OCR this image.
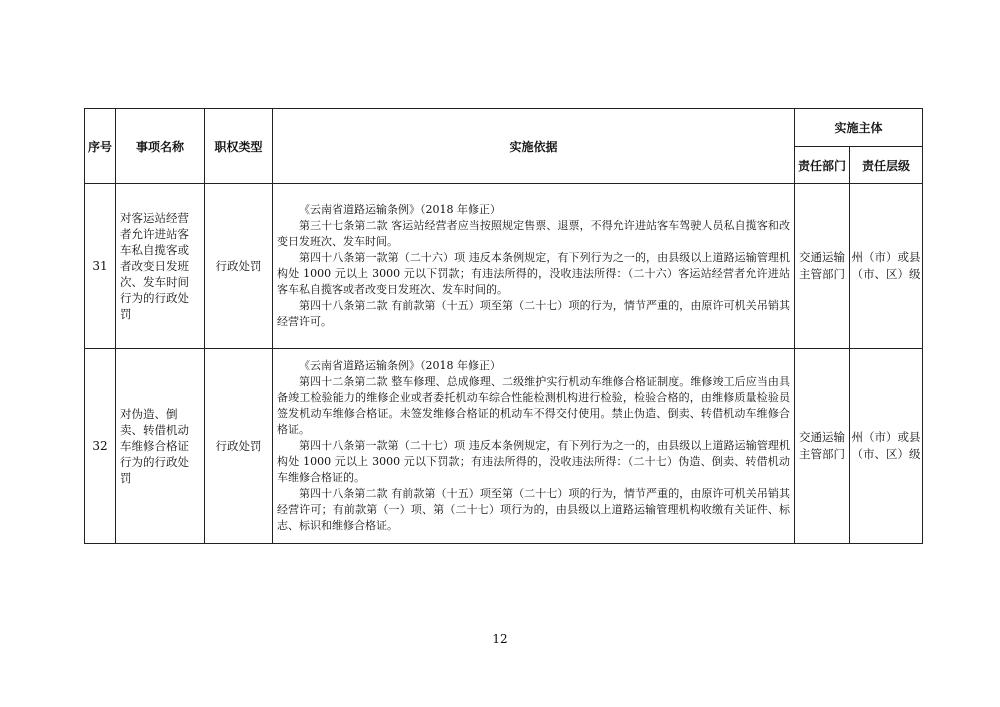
序号	事项名称	职权类型	实施依据	实施主体	
				责任部门	责任层级
31	对客运站经营者允许进站客车私自揽客或者改变日发班次、发车时间行为的行政处罚	行政处罚	《云南省道路运输条例》（2018 年修正）

第三十七条第二款 客运站经营者应当按照规定售票、退票，不得允许进站客车驾驶人员私自揽客和改变日发班次、发车时间。

第四十八条第一款第（二十六）项 违反本条例规定，有下列行为之一的，由县级以上道路运输管理机构处 1000 元以上 3000 元以下罚款；有违法所得的，没收违法所得：（二十六）客运站经营者允许进站客车私自揽客或者改变日发班次、发车时间的。

第四十八条第二款 有前款第（十五）项至第（二十七）项的行为，情节严重的，由原许可机关吊销其经营许可。	交通运输主管部门	州（市）或县（市、区）级
32	对伪造、倒卖、转借机动车维修合格证行为的行政处罚	行政处罚	《云南省道路运输条例》（2018 年修正）

第四十二条第二款 整车修理、总成修理、二级维护实行机动车维修合格证制度。维修竣工后应当由具备竣工检验能力的维修企业或者委托机动车综合性能检测机构进行检验，检验合格的，由维修质量检验员签发机动车维修合格证。未签发维修合格证的机动车不得交付使用。禁止伪造、倒卖、转借机动车维修合格证。

第四十八条第一款第（二十七）项 违反本条例规定，有下列行为之一的，由县级以上道路运输管理机构处 1000 元以上 3000 元以下罚款；有违法所得的，没收违法所得：（二十七）伪造、倒卖、转借机动车维修合格证的。

第四十八条第二款 有前款第（十五）项至第（二十七）项的行为，情节严重的，由原许可机关吊销其经营许可；有前款第（一）项、第（二十七）项行为的，由县级以上道路运输管理机构收缴有关证件、标志、标识和维修合格证。	交通运输主管部门	州（市）或县（市、区）级
12
